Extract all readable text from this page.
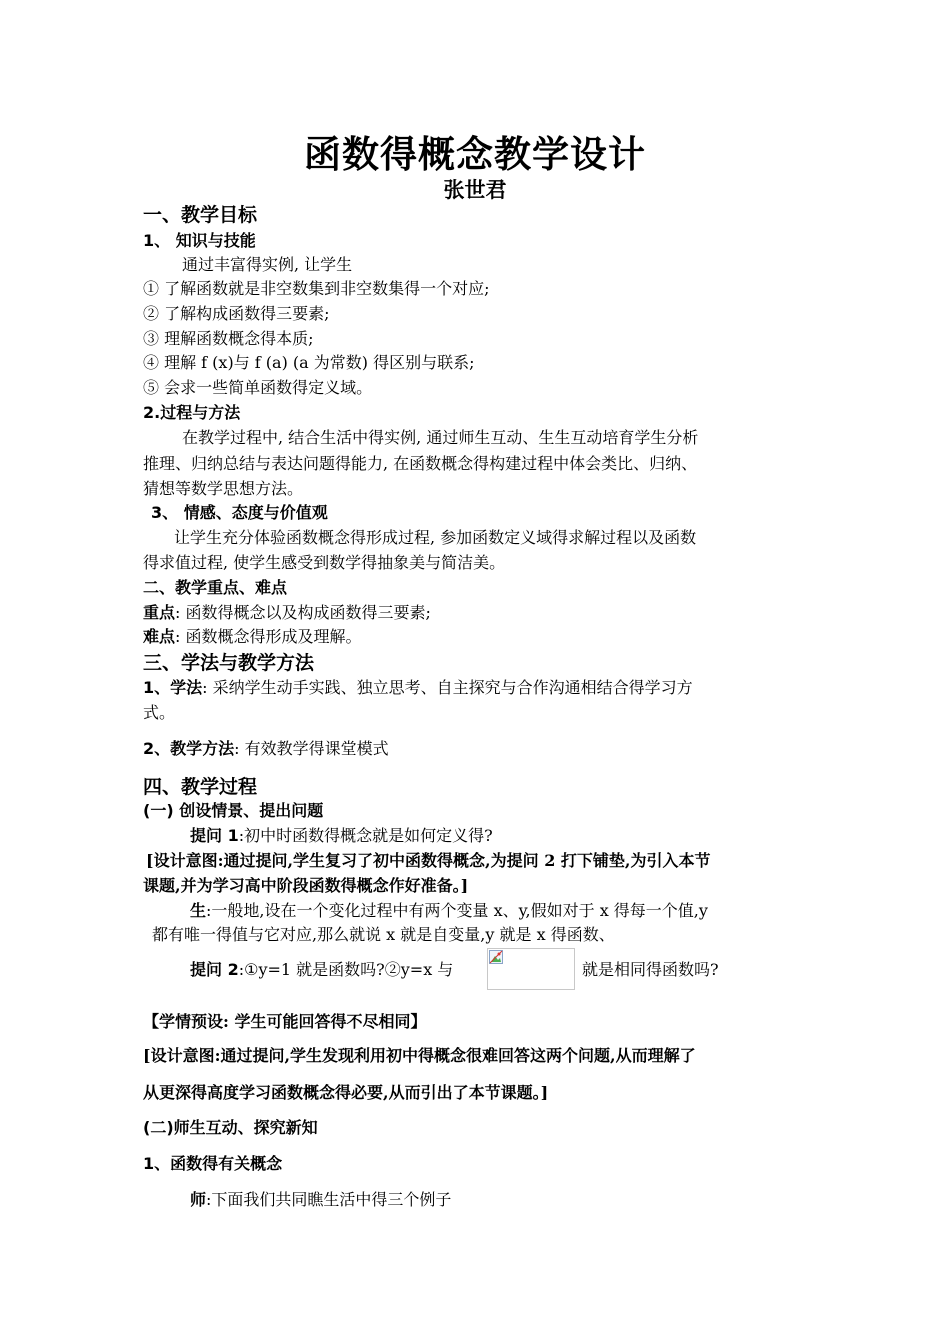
函数得概念教学设计
张世君
一、教学目标
1、 知识与技能
通过丰富得实例, 让学生
① 了解函数就是非空数集到非空数集得一个对应;
② 了解构成函数得三要素;
③ 理解函数概念得本质;
④ 理解 f (x)与 f (a) (a 为常数) 得区别与联系;
⑤ 会求一些简单函数得定义域。
2.过程与方法
在教学过程中, 结合生活中得实例, 通过师生互动、生生互动培育学生分析
推理、归纳总结与表达问题得能力, 在函数概念得构建过程中体会类比、归纳、
猜想等数学思想方法。
3、 情感、态度与价值观
让学生充分体验函数概念得形成过程, 参加函数定义域得求解过程以及函数
得求值过程, 使学生感受到数学得抽象美与简洁美。
二、教学重点、难点
重点: 函数得概念以及构成函数得三要素;
难点: 函数概念得形成及理解。
三、学法与教学方法
1、学法: 采纳学生动手实践、独立思考、自主探究与合作沟通相结合得学习方
式。
2、教学方法: 有效教学得课堂模式
四、教学过程
(一) 创设情景、提出问题
提问 1:初中时函数得概念就是如何定义得?
[设计意图:通过提问,学生复习了初中函数得概念,为提问 2 打下铺垫,为引入本节
课题,并为学习高中阶段函数得概念作好准备。]
生:一般地,设在一个变化过程中有两个变量 x、y,假如对于 x 得每一个值,y
都有唯一得值与它对应,那么就说 x 就是自变量,y 就是 x 得函数、
提问 2:①y=1 就是函数吗?②y=x 与	就是相同得函数吗?
【学情预设: 学生可能回答得不尽相同】
[设计意图:通过提问,学生发现利用初中得概念很难回答这两个问题,从而理解了
从更深得高度学习函数概念得必要,从而引出了本节课题。]
(二)师生互动、探究新知
1、函数得有关概念
师:下面我们共同瞧生活中得三个例子
